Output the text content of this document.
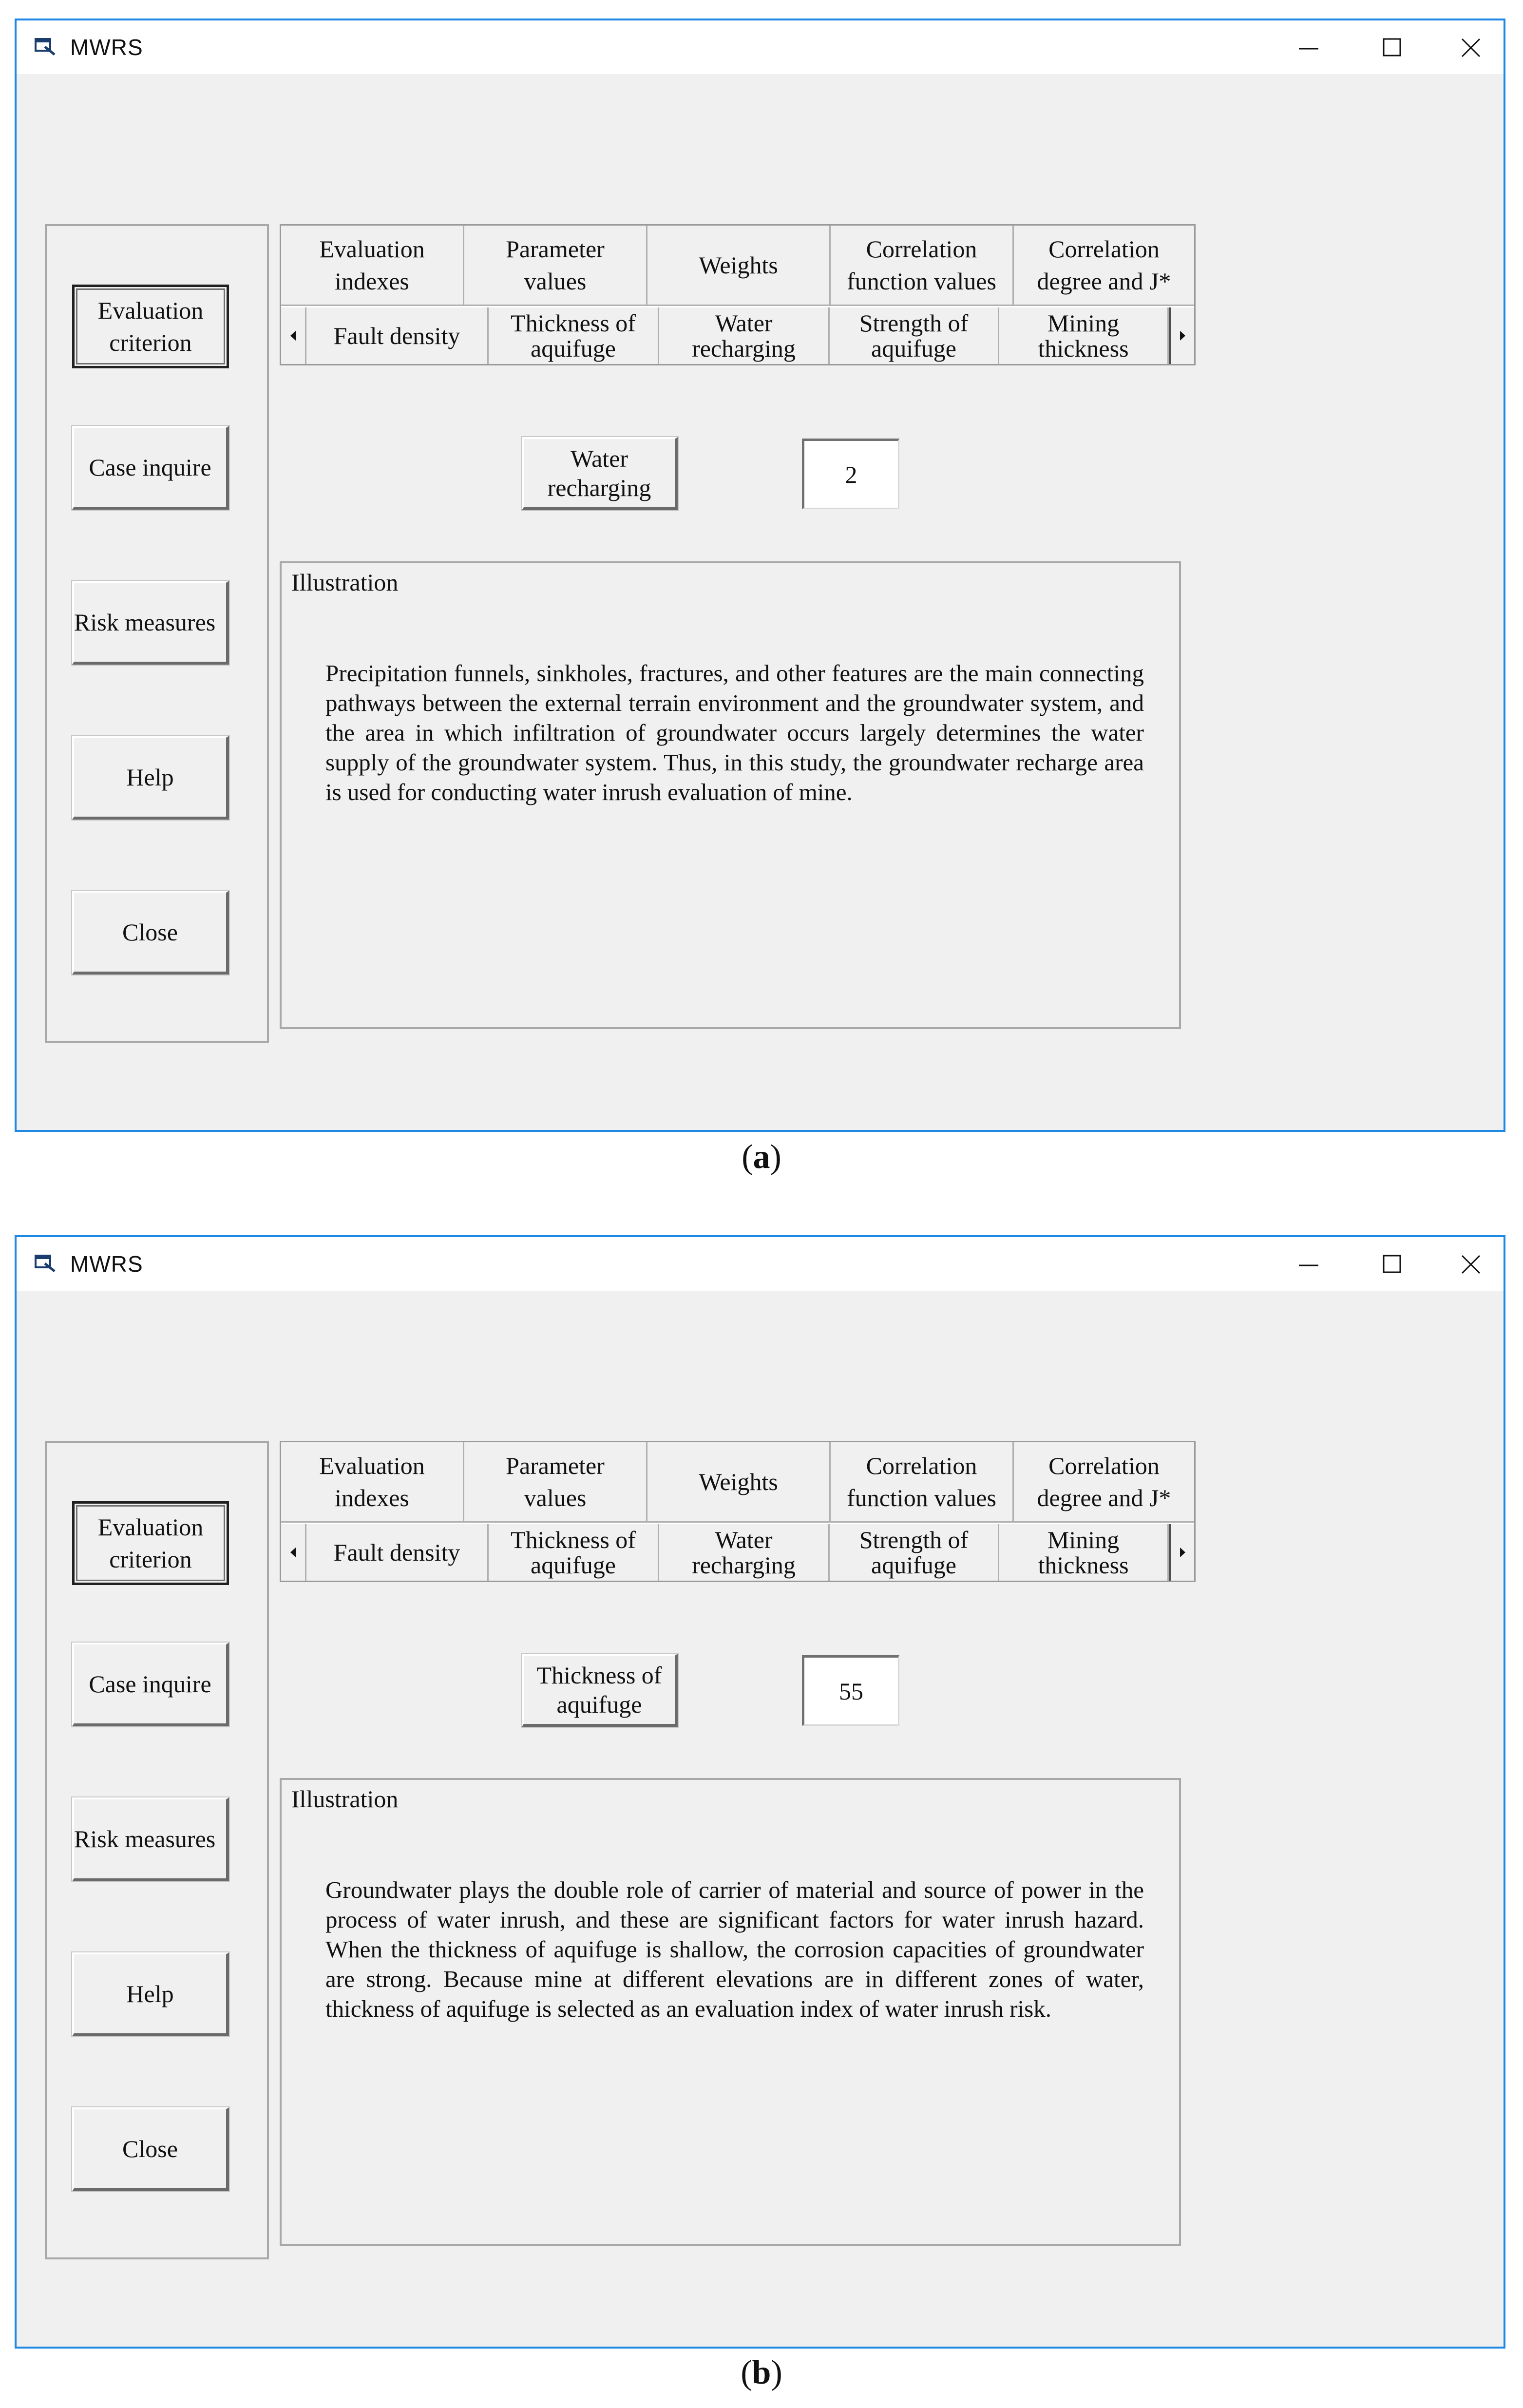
MWRS
Evaluation
criterion
Case inquire
Risk measures
Help
Close
Evaluation
indexes
Parameter
values
Weights
Correlation
function values
Correlation
degree and J*
Fault density	Thickness of
aquifuge
Water
recharging
Strength of
aquifuge
Mining
thickness
Water
recharging
2
Illustration
Precipitation funnels, sinkholes, fractures, and other features are the main connecting pathways between the external terrain environment and the groundwater system, and the area in which infiltration of groundwater occurs largely determines the water supply of the groundwater system. Thus, in this study, the groundwater recharge area is used for conducting water inrush evaluation of mine.
(a)
MWRS
Evaluation
criterion
Case inquire
Risk measures
Help
Close
Evaluation
indexes
Parameter
values
Weights
Correlation
function values
Correlation
degree and J*
Fault density	Thickness of
aquifuge
Water
recharging
Strength of
aquifuge
Mining
thickness
Thickness of
aquifuge
55
Illustration
Groundwater plays the double role of carrier of material and source of power in the process of water inrush, and these are significant factors for water inrush hazard. When the thickness of aquifuge is shallow, the corrosion capacities of groundwater are strong. Because mine at different elevations are in different zones of water, thickness of aquifuge is selected as an evaluation index of water inrush risk.
(b)
